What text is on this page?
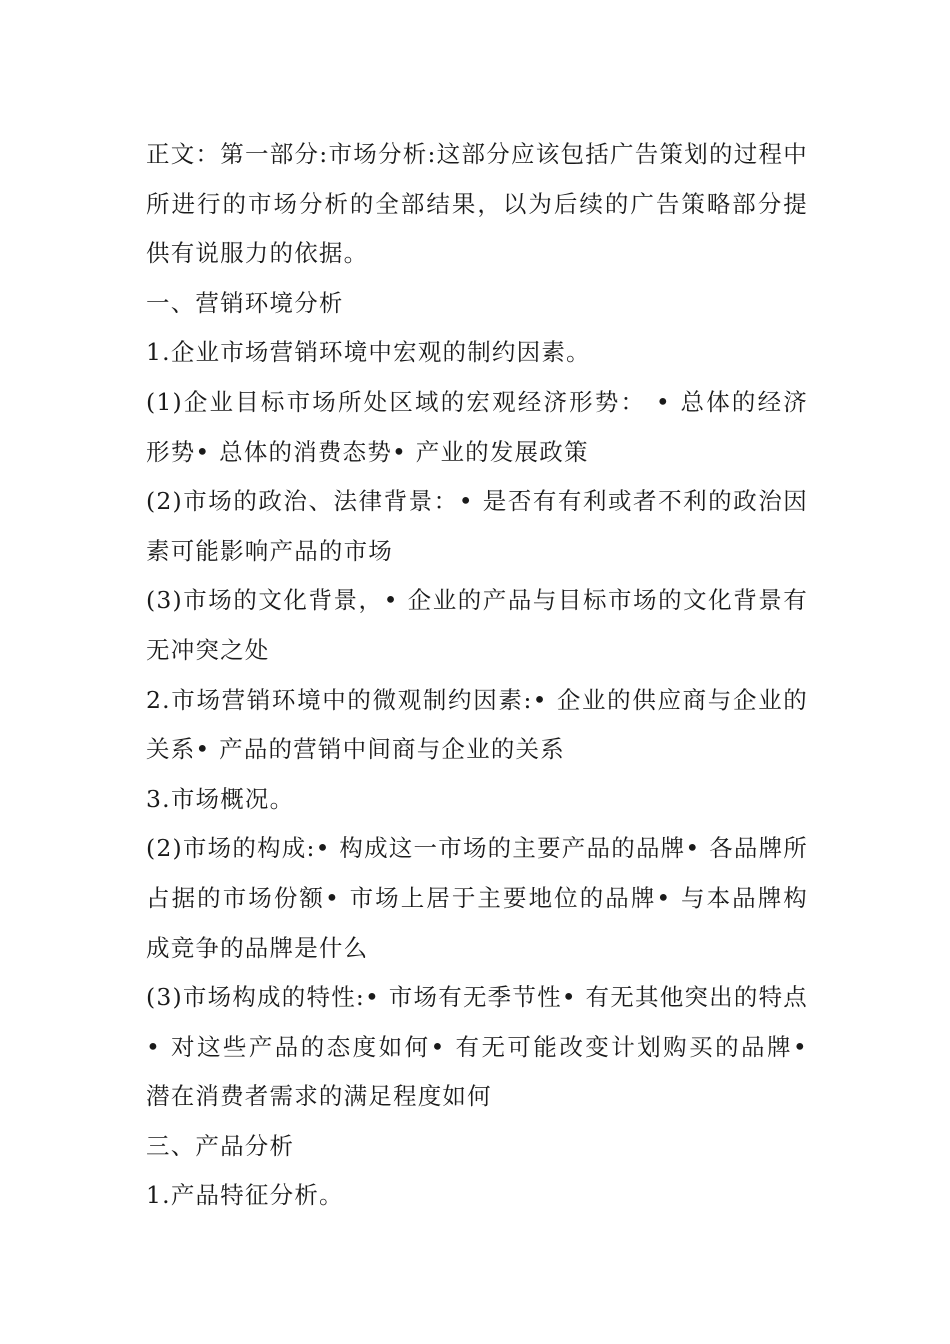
正文：第一部分:市场分析:这部分应该包括广告策划的过程中所进行的市场分析的全部结果，以为后续的广告策略部分提供有说服力的依据。

一、营销环境分析

1.企业市场营销环境中宏观的制约因素。

(1)企业目标市场所处区域的宏观经济形势： • 总体的经济形势• 总体的消费态势• 产业的发展政策

(2)市场的政治、法律背景：• 是否有有利或者不利的政治因素可能影响产品的市场

(3)市场的文化背景，• 企业的产品与目标市场的文化背景有无冲突之处

2.市场营销环境中的微观制约因素:• 企业的供应商与企业的关系• 产品的营销中间商与企业的关系

3.市场概况。

(2)市场的构成:• 构成这一市场的主要产品的品牌• 各品牌所占据的市场份额• 市场上居于主要地位的品牌• 与本品牌构成竞争的品牌是什么

(3)市场构成的特性:• 市场有无季节性• 有无其他突出的特点• 对这些产品的态度如何• 有无可能改变计划购买的品牌• 潜在消费者需求的满足程度如何

三、产品分析

1.产品特征分析。
